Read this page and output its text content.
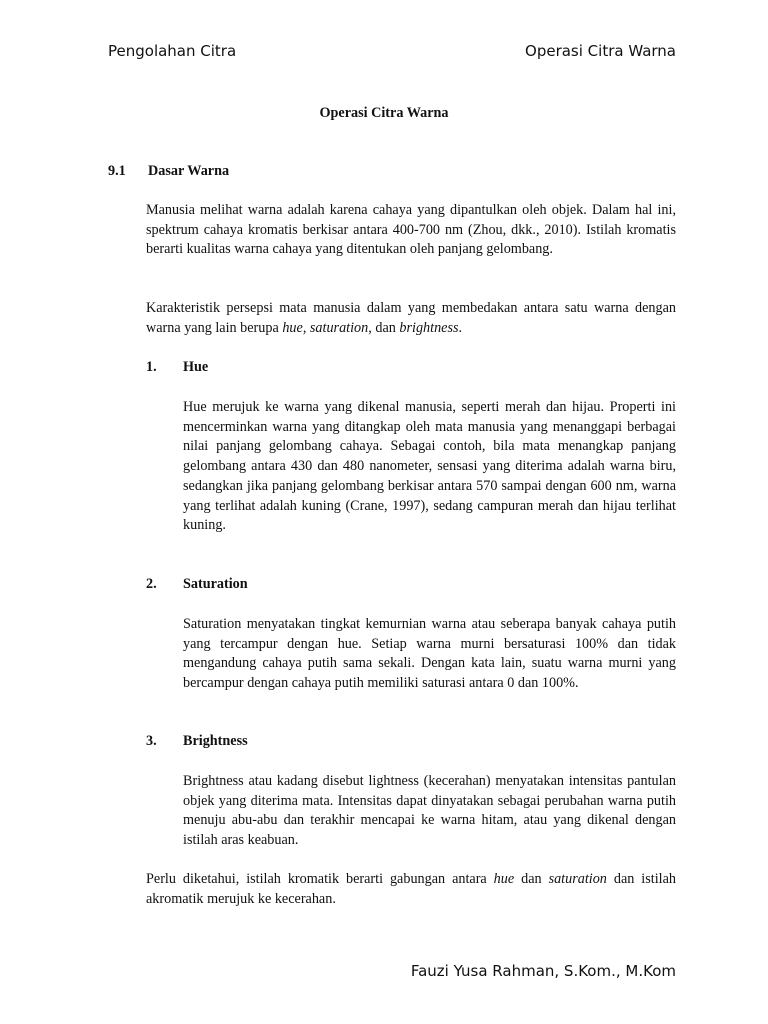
Pengolahan Citra	Operasi Citra Warna
Operasi Citra Warna
9.1 Dasar Warna

Manusia melihat warna adalah karena cahaya yang dipantulkan oleh objek. Dalam hal ini, spektrum cahaya kromatis berkisar antara 400-700 nm (Zhou, dkk., 2010). Istilah kromatis berarti kualitas warna cahaya yang ditentukan oleh panjang gelombang.

Karakteristik persepsi mata manusia dalam yang membedakan antara satu warna dengan warna yang lain berupa hue, saturation, dan brightness.

1. Hue

Hue merujuk ke warna yang dikenal manusia, seperti merah dan hijau. Properti ini mencerminkan warna yang ditangkap oleh mata manusia yang menanggapi berbagai nilai panjang gelombang cahaya. Sebagai contoh, bila mata menangkap panjang gelombang antara 430 dan 480 nanometer, sensasi yang diterima adalah warna biru, sedangkan jika panjang gelombang berkisar antara 570 sampai dengan 600 nm, warna yang terlihat adalah kuning (Crane, 1997), sedang campuran merah dan hijau terlihat kuning.

2. Saturation

Saturation menyatakan tingkat kemurnian warna atau seberapa banyak cahaya putih yang tercampur dengan hue. Setiap warna murni bersaturasi 100% dan tidak mengandung cahaya putih sama sekali. Dengan kata lain, suatu warna murni yang bercampur dengan cahaya putih memiliki saturasi antara 0 dan 100%.

3. Brightness

Brightness atau kadang disebut lightness (kecerahan) menyatakan intensitas pantulan objek yang diterima mata. Intensitas dapat dinyatakan sebagai perubahan warna putih menuju abu-abu dan terakhir mencapai ke warna hitam, atau yang dikenal dengan istilah aras keabuan.

Perlu diketahui, istilah kromatik berarti gabungan antara hue dan saturation dan istilah akromatik merujuk ke kecerahan.

Fauzi Yusa Rahman, S.Kom., M.Kom
